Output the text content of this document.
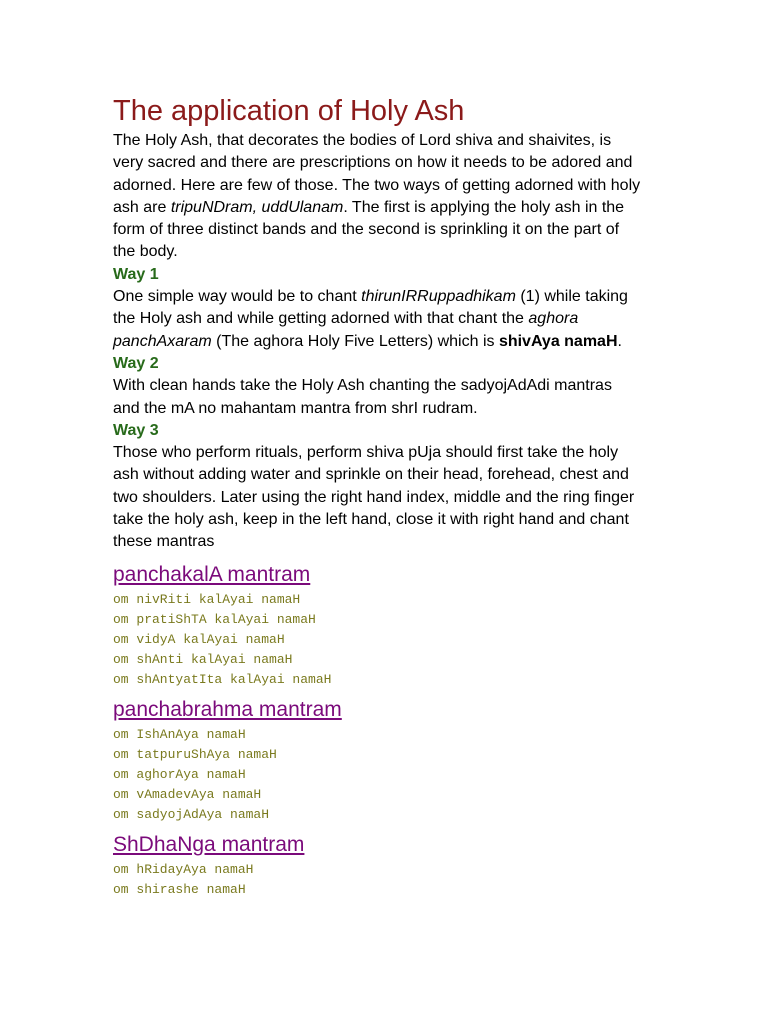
The application of Holy Ash

The Holy Ash, that decorates the bodies of Lord shiva and shaivites, is very sacred and there are prescriptions on how it needs to be adored and adorned. Here are few of those. The two ways of getting adorned with holy ash are tripuNDram, uddUlanam. The first is applying the holy ash in the form of three distinct bands and the second is sprinkling it on the part of the body.

Way 1

One simple way would be to chant thirunIRRuppadhikam (1) while taking the Holy ash and while getting adorned with that chant the aghora panchAxaram (The aghora Holy Five Letters) which is shivAya namaH.

Way 2

With clean hands take the Holy Ash chanting the sadyojAdAdi mantras and the mA no mahantam mantra from shrI rudram.

Way 3

Those who perform rituals, perform shiva pUja should first take the holy ash without adding water and sprinkle on their head, forehead, chest and two shoulders. Later using the right hand index, middle and the ring finger take the holy ash, keep in the left hand, close it with right hand and chant these mantras

panchakalA mantram

om nivRiti kalAyai namaH
om pratiShTA kalAyai namaH
om vidyA kalAyai namaH
om shAnti kalAyai namaH
om shAntyatIta kalAyai namaH

panchabrahma mantram

om IshAnAya namaH
om tatpuruShAya namaH
om aghorAya namaH
om vAmadevAya namaH
om sadyojAdAya namaH

ShDhaNga mantram

om hRidayAya namaH
om shirashe namaH
